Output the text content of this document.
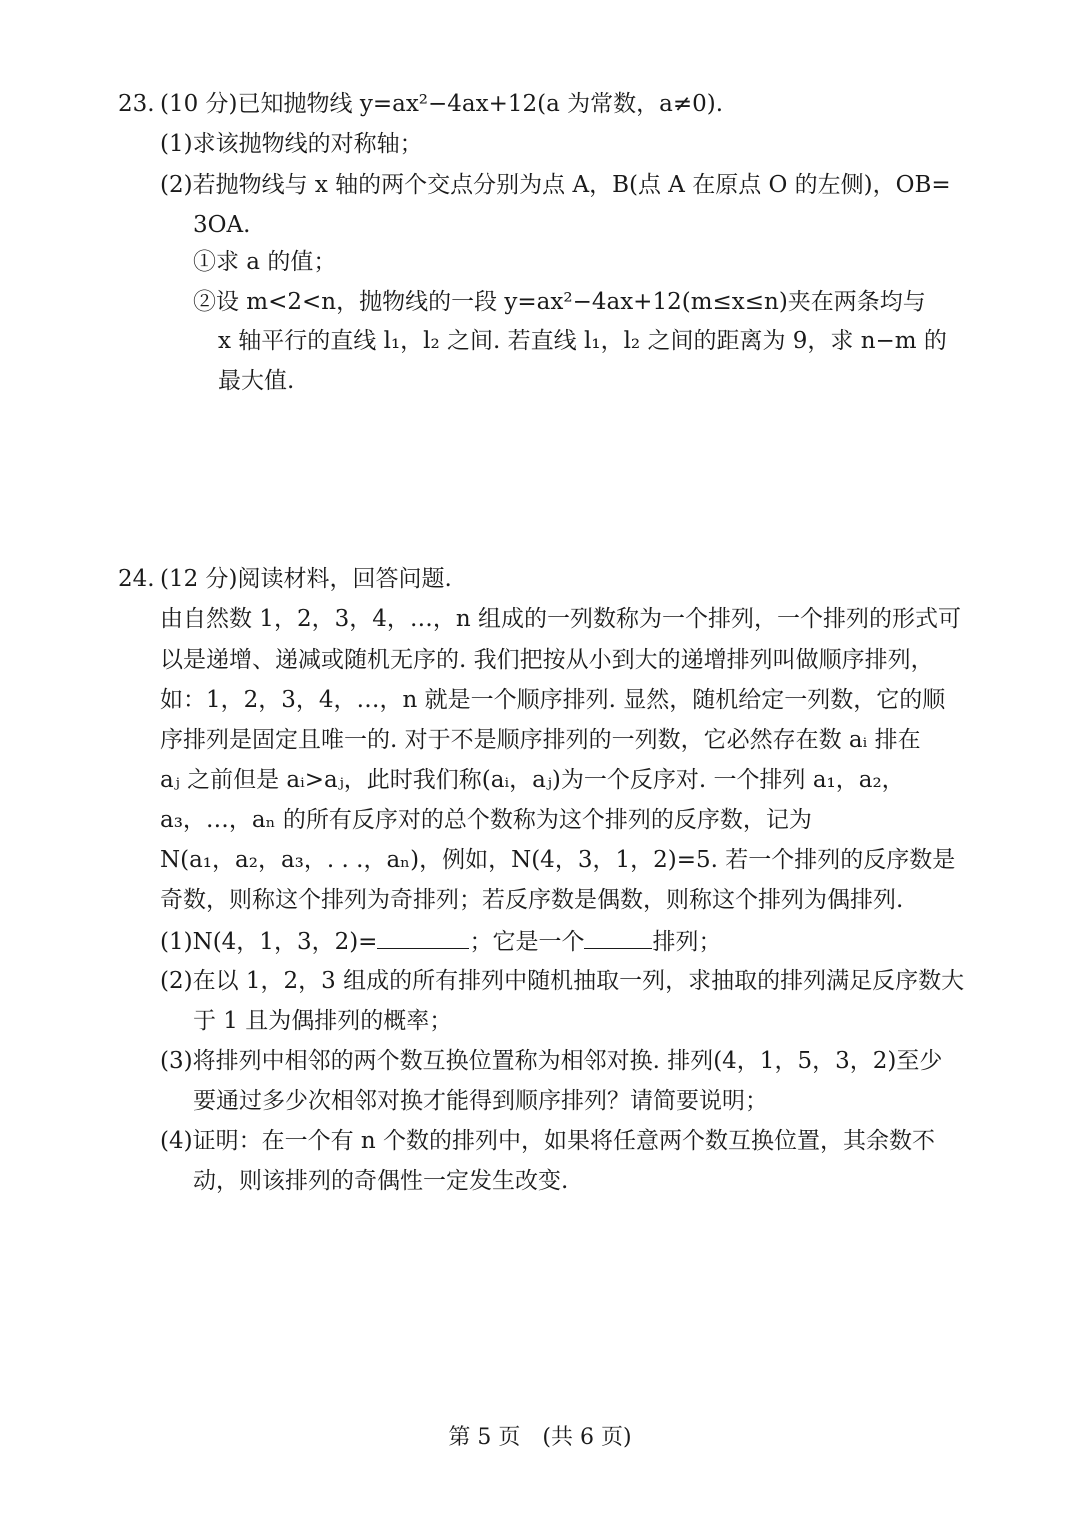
23. (10 分)已知抛物线 y=ax²−4ax+12(a 为常数，a≠0).
(1)求该抛物线的对称轴；
(2)若抛物线与 x 轴的两个交点分别为点 A，B(点 A 在原点 O 的左侧)，OB=
3OA.
①求 a 的值；
②设 m<2<n，抛物线的一段 y=ax²−4ax+12(m≤x≤n)夹在两条均与
x 轴平行的直线 l₁，l₂ 之间. 若直线 l₁，l₂ 之间的距离为 9，求 n−m 的
最大值.
24. (12 分)阅读材料，回答问题.
由自然数 1，2，3，4，…，n 组成的一列数称为一个排列，一个排列的形式可
以是递增、递减或随机无序的. 我们把按从小到大的递增排列叫做顺序排列，
如：1，2，3，4，…，n 就是一个顺序排列. 显然，随机给定一列数，它的顺
序排列是固定且唯一的. 对于不是顺序排列的一列数，它必然存在数 aᵢ 排在
aⱼ 之前但是 aᵢ>aⱼ，此时我们称(aᵢ，aⱼ)为一个反序对. 一个排列 a₁，a₂，
a₃，…，aₙ 的所有反序对的总个数称为这个排列的反序数，记为
N(a₁，a₂，a₃，. . .，aₙ)，例如，N(4，3，1，2)=5. 若一个排列的反序数是
奇数，则称这个排列为奇排列；若反序数是偶数，则称这个排列为偶排列.
(1)N(4，1，3，2)=	；它是一个	排列；
(2)在以 1，2，3 组成的所有排列中随机抽取一列，求抽取的排列满足反序数大
于 1 且为偶排列的概率；
(3)将排列中相邻的两个数互换位置称为相邻对换. 排列(4，1，5，3，2)至少
要通过多少次相邻对换才能得到顺序排列？请简要说明；
(4)证明：在一个有 n 个数的排列中，如果将任意两个数互换位置，其余数不
动，则该排列的奇偶性一定发生改变.
第 5 页　(共 6 页)
